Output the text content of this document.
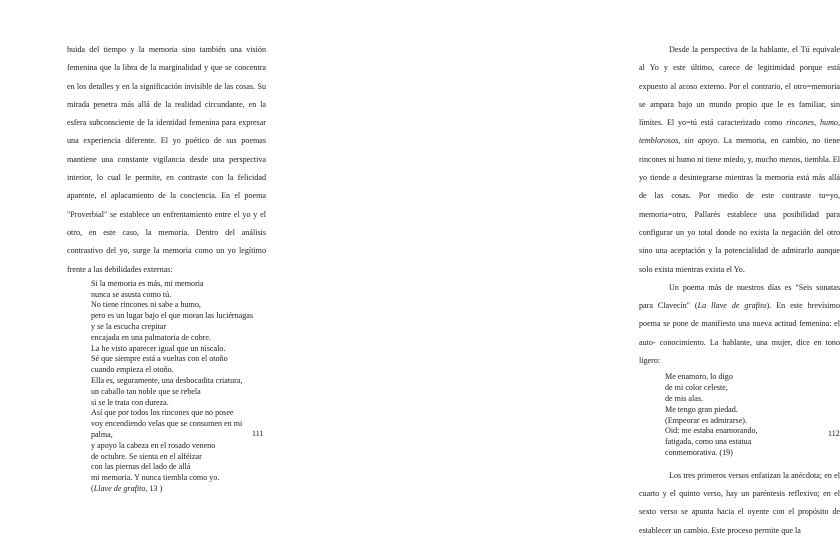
huida del tiempo y la memoria sino también una visión femenina que la libra de la marginalidad y que se concentra en los detalles y en la significación invisible de las cosas. Su mirada penetra más allá de la realidad circundante, en la esfera subconsciente de la identidad femenina para expresar una experiencia diferente. El yo poético de sus poemas mantiene una constante vigilancia desde una perspectiva interior, lo cual le permite, en contraste con la felicidad aparente, el aplacamiento de la conciencia. En el poema "Proverbial" se establece un enfrentamiento entre el yo y el otro, en este caso, la memoria. Dentro del análisis contrastivo del yo, surge la memoria como un yo legítimo frente a las debilidades externas:

Si la memoria es más, mi memoria
nunca se asusta como tú.
No tiene rincones ni sabe a humo,
pero es un lugar bajo el que moran las luciérnagas
y se la escucha crepitar
encajada en una palmatoria de cobre.
La he visto aparecer igual que un níscalo.
Sé que siempre está a vueltas con el otoño
cuando empieza el otoño.
Ella es, seguramente, una desbocadita criatura,
un caballo tan noble que se rebela
si se le trata con dureza.
Así que por todos los rincones que no posee
voy encendiendo velas que se consumen en mi
palma,
y apoyo la cabeza en el rosado veneno
de octubre. Se sienta en el alféizar
con las piernas del lado de allá
mi memoria. Y nunca tiembla como yo.
(Llave de grafito, 13 )
111

Desde la perspectiva de la hablante, el Tú equivale al Yo y este último, carece de legitimidad porque está expuesto al acoso externo. Por el contrario, el otro=memoria se ampara bajo un mundo propio que le es familiar, sin límites. El yo=tú está caracterizado como rincones, humo, temblorosos, sin apoyo. La memoria, en cambio, no tiene rincones ni humo ni tiene miedo, y, mucho menos, tiembla. El yo tiende a desintegrarse mientras la memoria está más allá de las cosas. Por medio de este contraste tu=yo, memoria=otro, Pallarés establece una posibilidad para configurar un yo total donde no exista la negación del otro sino una aceptación y la potencialidad de admirarlo aunque solo exista mientras exista el Yo.

Un poema más de nuestros días es "Seis sonatas para Clavecín" (La llave de grafito). En este brevísimo poema se pone de manifiesto una nueva actitud femenina: el auto- conocimiento. La hablante, una mujer, dice en tono ligero:

Me enamoro, lo digo
de mi color celeste,
de mis alas.
Me tengo gran piedad.
(Empeorar es admirarse).
Oid: me estaba enamorando,
fatigada, como una estatua
conmemorativa. (19)

Los tres primeros versos enfatizan la anécdota; en el cuarto y el quinto verso, hay un paréntesis reflexivo; en el sexto verso se apunta hacia el oyente con el propósito de establecer un cambio. Este proceso permite que la

112
